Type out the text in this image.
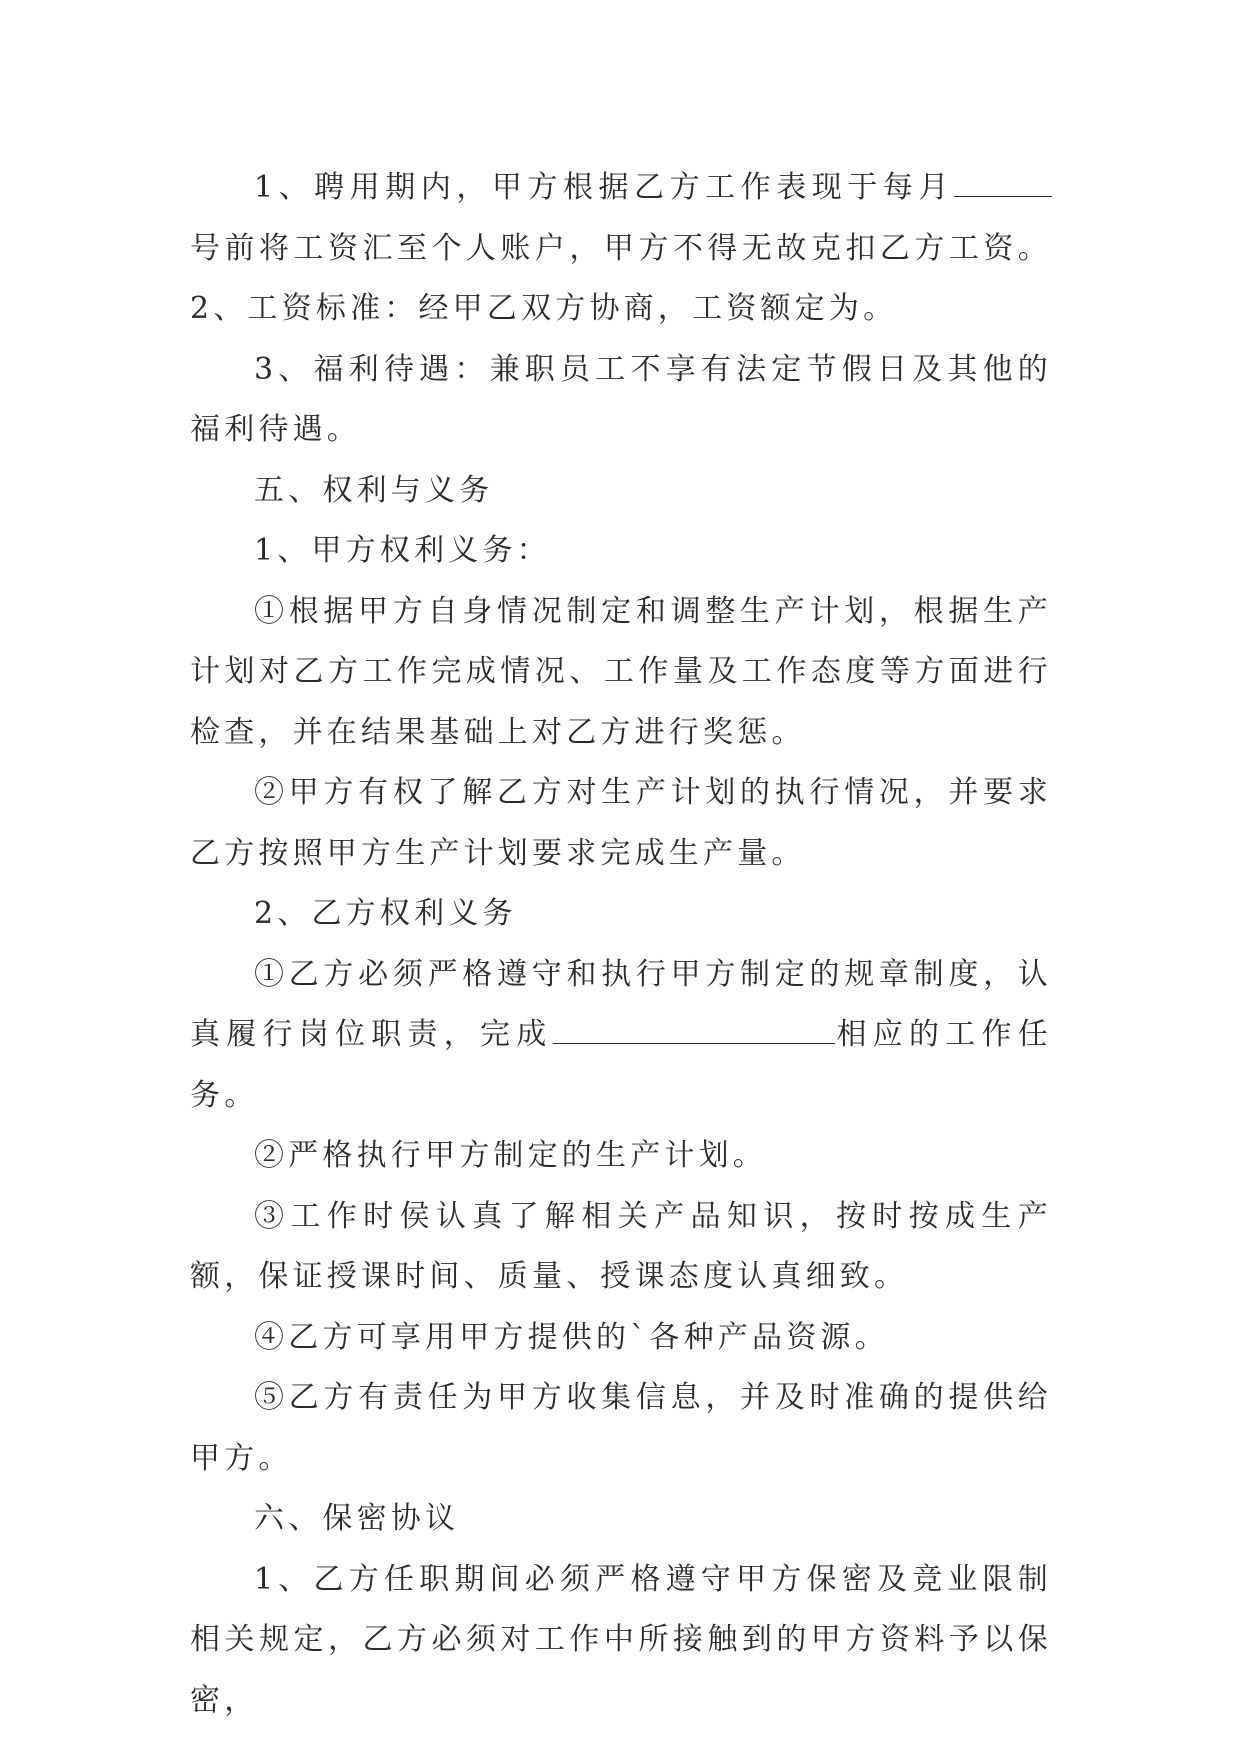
1、聘用期内，甲方根据乙方工作表现于每月号前将工资汇至个人账户，甲方不得无故克扣乙方工资。2、工资标准：经甲乙双方协商，工资额定为。

3、福利待遇：兼职员工不享有法定节假日及其他的福利待遇。

五、权利与义务

1、甲方权利义务：

①根据甲方自身情况制定和调整生产计划，根据生产计划对乙方工作完成情况、工作量及工作态度等方面进行检查，并在结果基础上对乙方进行奖惩。

②甲方有权了解乙方对生产计划的执行情况，并要求乙方按照甲方生产计划要求完成生产量。

2、乙方权利义务

①乙方必须严格遵守和执行甲方制定的规章制度，认真履行岗位职责，完成	相应的工作任务。

②严格执行甲方制定的生产计划。

③工作时侯认真了解相关产品知识，按时按成生产额，保证授课时间、质量、授课态度认真细致。

④乙方可享用甲方提供的`各种产品资源。

⑤乙方有责任为甲方收集信息，并及时准确的提供给甲方。

六、保密协议

1、乙方任职期间必须严格遵守甲方保密及竞业限制相关规定，乙方必须对工作中所接触到的甲方资料予以保密，
